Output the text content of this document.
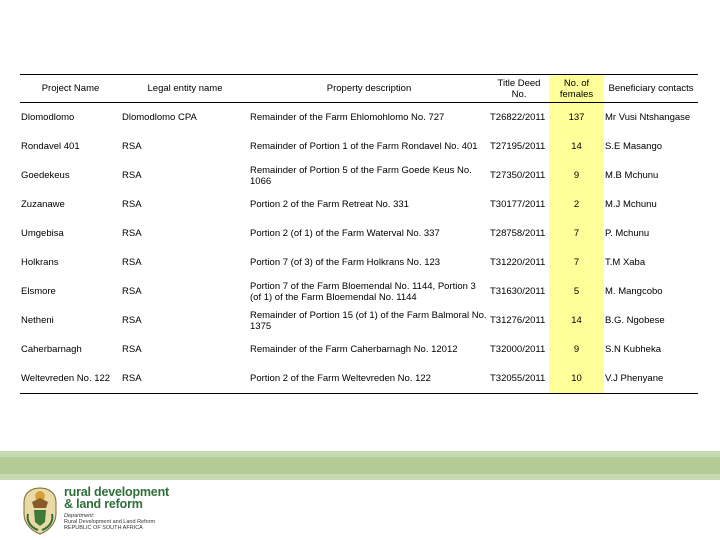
Project Name	Legal entity name	Property description	Title Deed No.	No. of females	Beneficiary contacts
Dlomodlomo	Dlomodlomo CPA	Remainder of the Farm Ehlomohlomo No. 727	T26822/2011	137	Mr Vusi Ntshangase
Rondavel 401	RSA	Remainder of Portion 1 of the Farm Rondavel No. 401	T27195/2011	14	S.E Masango
Goedekeus	RSA	Remainder of Portion 5 of the Farm Goede Keus No. 1066	T27350/2011	9	M.B Mchunu
Zuzanawe	RSA	Portion 2 of the Farm Retreat No. 331	T30177/2011	2	M.J Mchunu
Umgebisa	RSA	Portion 2 (of 1) of the Farm Waterval No. 337	T28758/2011	7	P. Mchunu
Holkrans	RSA	Portion 7 (of 3) of the Farm Holkrans No. 123	T31220/2011	7	T.M Xaba
Elsmore	RSA	Portion 7 of the Farm Bloemendal No. 1144, Portion 3 (of 1) of the Farm Bloemendal No. 1144	T31630/2011	5	M. Mangcobo
Netheni	RSA	Remainder of Portion 15 (of 1) of the Farm Balmoral No. 1375	T31276/2011	14	B.G. Ngobese
Caherbarnagh	RSA	Remainder of the Farm Caherbarnagh No. 12012	T32000/2011	9	S.N Kubheka
Weltevreden No. 122	RSA	Portion 2 of the Farm Weltevreden No. 122	T32055/2011	10	V.J Phenyane
rural development
& land reform
Department:
Rural Development and Land Reform
REPUBLIC OF SOUTH AFRICA
